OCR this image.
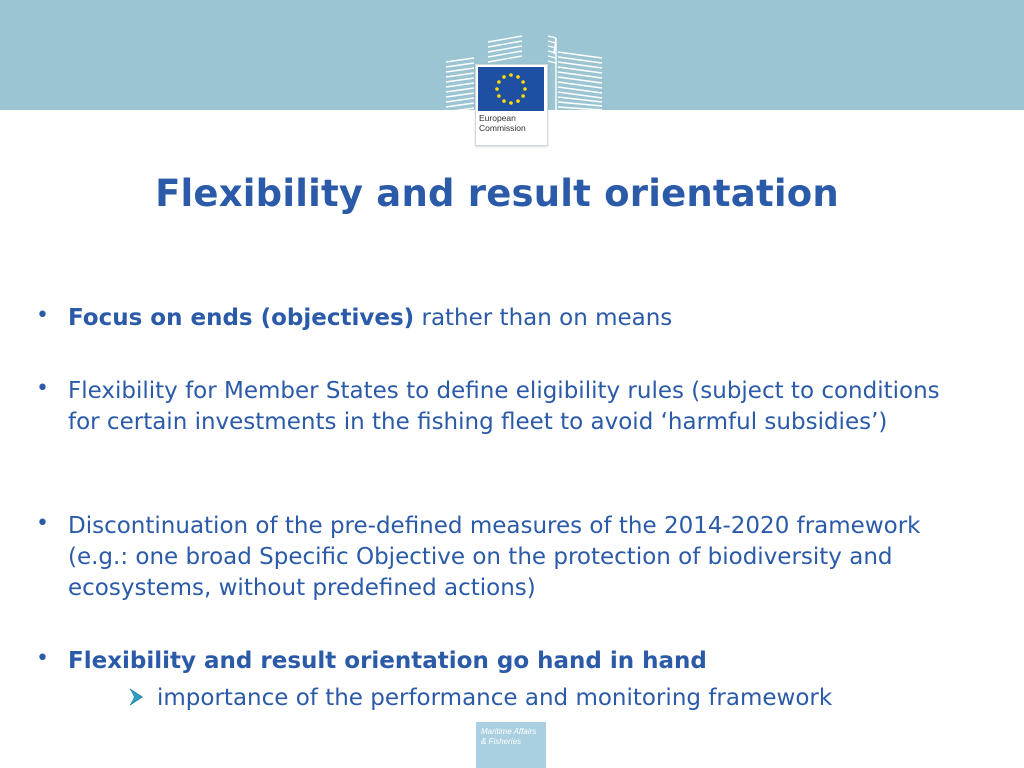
European
Commission
Flexibility and result orientation
• Focus on ends (objectives) rather than on means
• Flexibility for Member States to define eligibility rules (subject to conditions for certain investments in the fishing fleet to avoid ‘harmful subsidies’)
• Discontinuation of the pre-defined measures of the 2014-2020 framework (e.g.: one broad Specific Objective on the protection of biodiversity and ecosystems, without predefined actions)
• Flexibility and result orientation go hand in hand
importance of the performance and monitoring framework
Maritime Affairs
& Fisheries
